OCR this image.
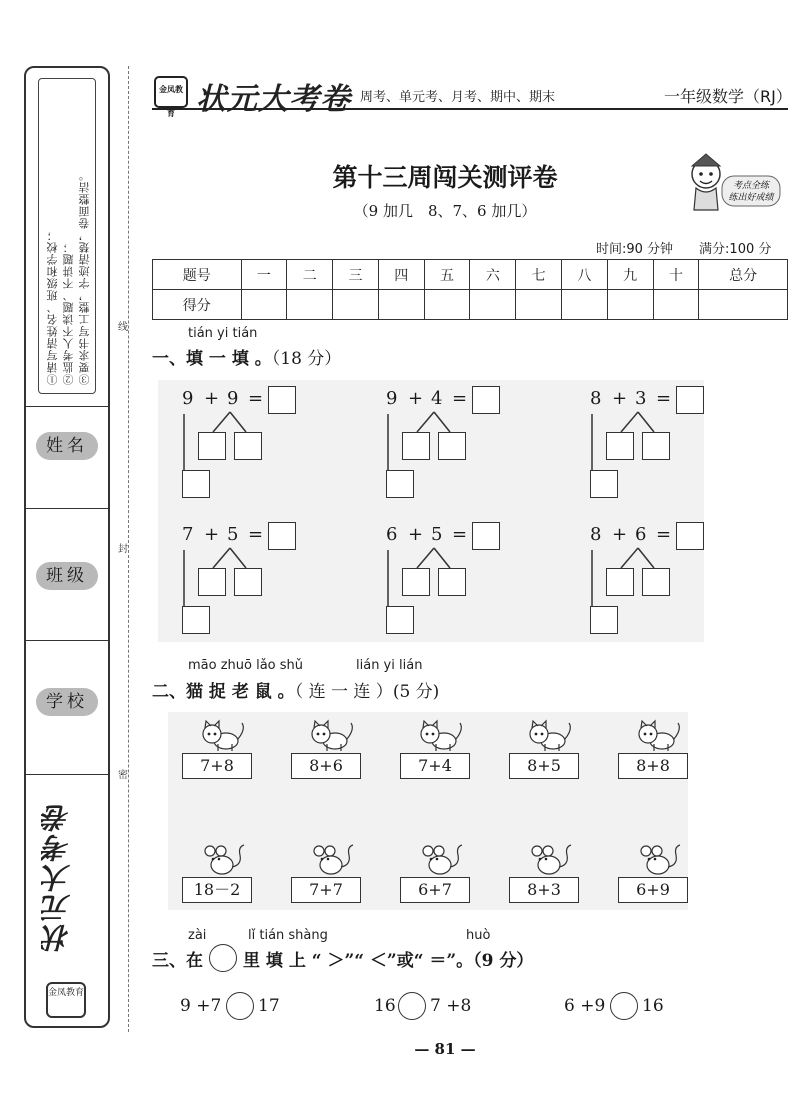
①请写清姓名、班级和学校； ②监考人不读题、不讲题； ③要求书写工整，字迹清楚，卷面整洁。
姓名
班级
学校
状元大考卷
金凤教育
线
封
密
金凤教育 状元大考卷 周考、单元考、月考、期中、期末	一年级数学（RJ）
第十三周闯关测评卷
（9 加几　8、7、6 加几）
考点全练
练出好成绩
时间:90 分钟　　满分:100 分
题号	一	二	三	四	五	六	七	八	九	十	总分
得分											
tián yi tián
一、填 一 填 。（18 分）
9 + 9 =	9 + 4 =	8 + 3 =
7 + 5 =	6 + 5 =	8 + 6 =
māo zhuō lǎo shǔ	lián yi lián
二、猫 捉 老 鼠 。（ 连 一 连 ）(5 分)
7+8	8+6	7+4	8+5	8+8
18－2	7+7	6+7	8+3	6+9
zài	lǐ tián shàng	huò
三、在 里 填 上 “ ＞”“ ＜”或“ ＝”。（9 分）
9 +7 17	16 7 +8	6 +9 16
— 81 —
